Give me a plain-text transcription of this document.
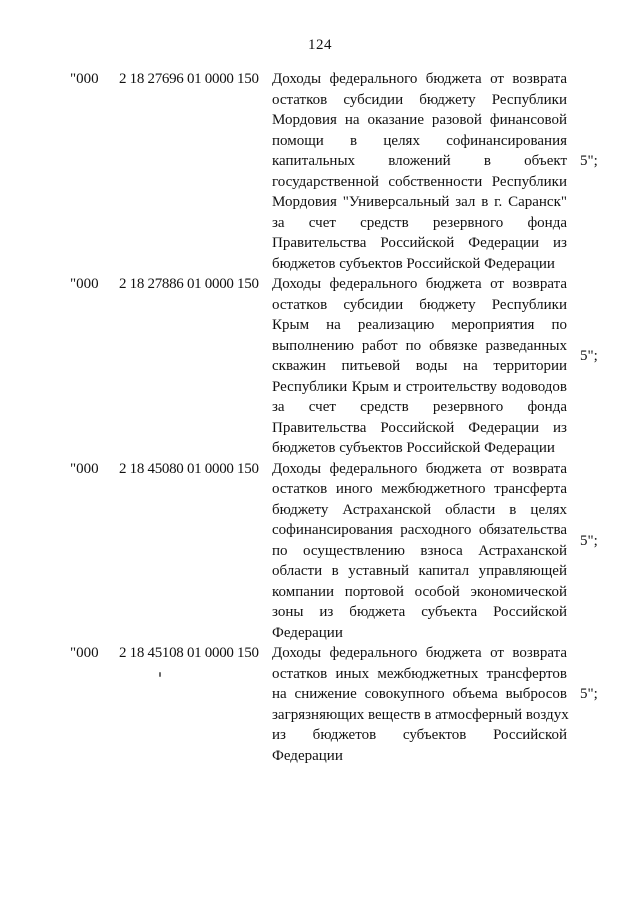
124
"000 2 18 27696 01 0000 150 Доходы федерального бюджета от возврата
остатков субсидии бюджету Республики
Мордовия на оказание разовой финансовой
помощи в целях софинансирования
капитальных вложений в объект
государственной собственности Республики
Мордовия "Универсальный зал в г. Саранск"
за счет средств резервного фонда
Правительства Российской Федерации из
бюджетов субъектов Российской Федерации
5";
"000 2 18 27886 01 0000 150 Доходы федерального бюджета от возврата
остатков субсидии бюджету Республики
Крым на реализацию мероприятия по
выполнению работ по обвязке разведанных
скважин питьевой воды на территории
Республики Крым и строительству водоводов
за счет средств резервного фонда
Правительства Российской Федерации из
бюджетов субъектов Российской Федерации
5";
"000 2 18 45080 01 0000 150 Доходы федерального бюджета от возврата
остатков иного межбюджетного трансферта
бюджету Астраханской области в целях
софинансирования расходного обязательства
по осуществлению взноса Астраханской
области в уставный капитал управляющей
компании портовой особой экономической
зоны из бюджета субъекта Российской
Федерации
5";
"000 2 18 45108 01 0000 150 Доходы федерального бюджета от возврата
остатков иных межбюджетных трансфертов
на снижение совокупного объема выбросов
загрязняющих веществ в атмосферный воздух
из бюджетов субъектов Российской
Федерации
5";
